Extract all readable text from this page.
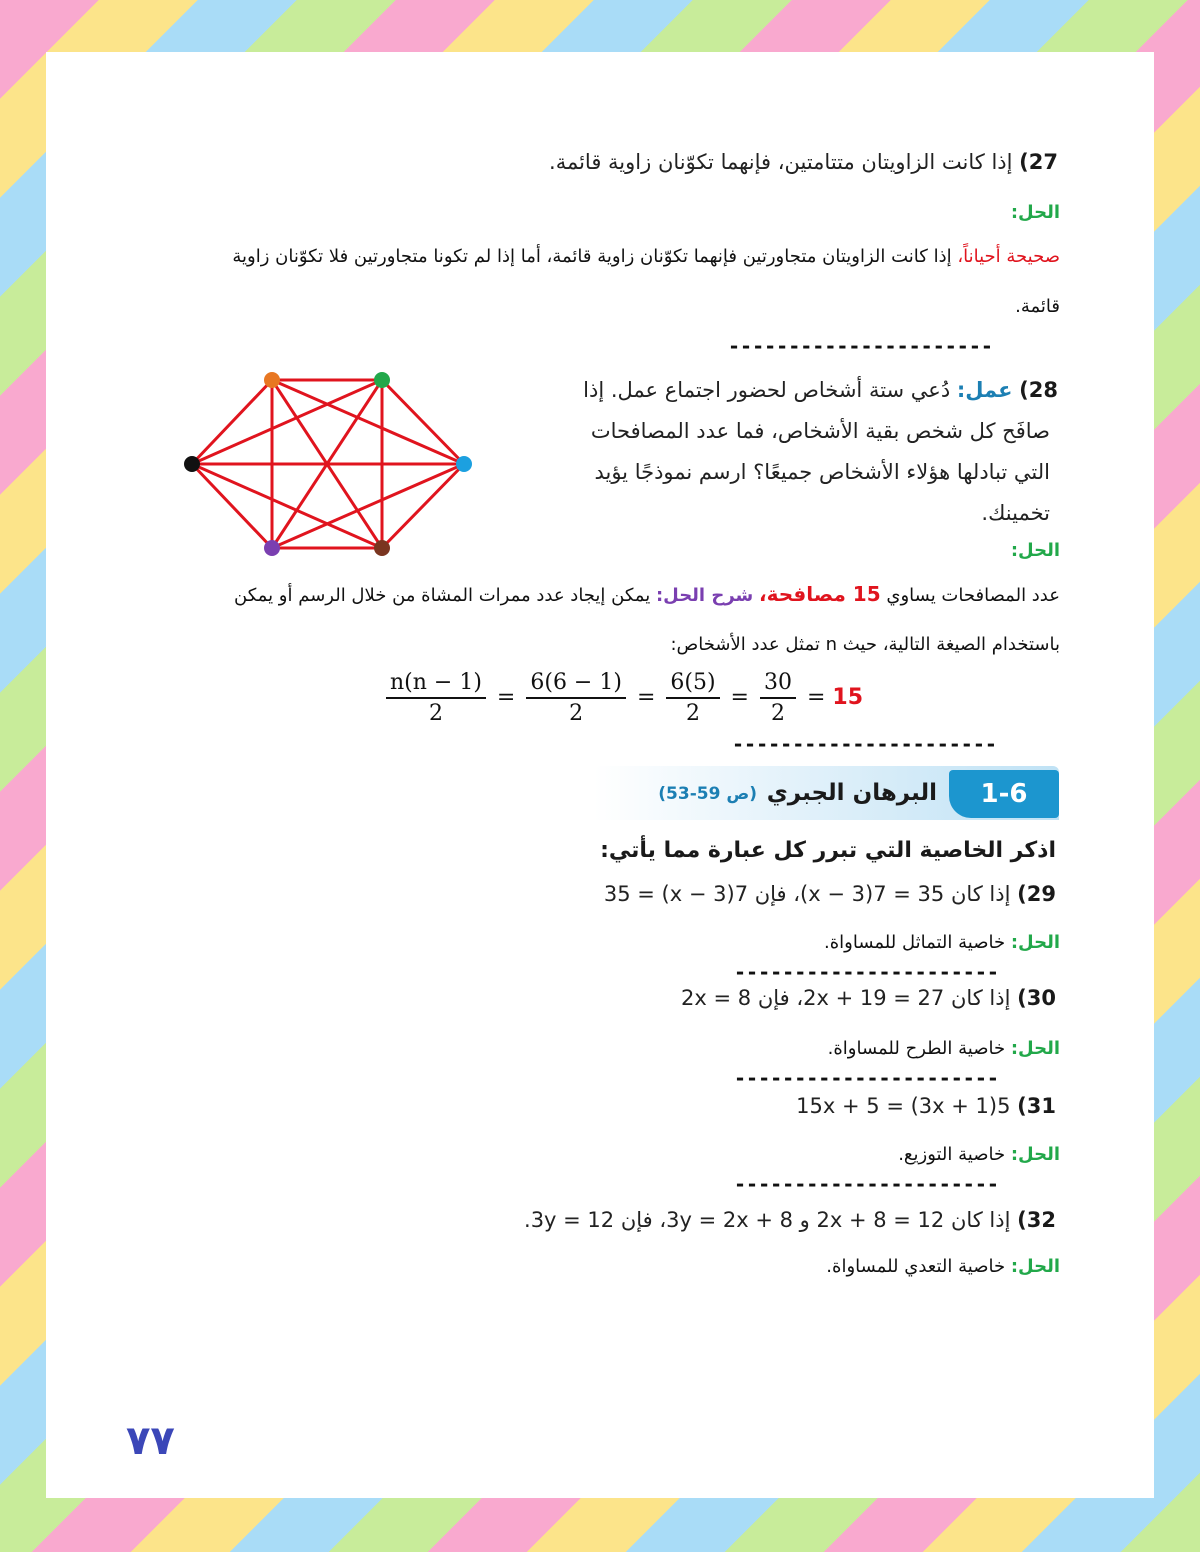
27) إذا كانت الزاويتان متتامتين، فإنهما تكوّنان زاوية قائمة.
الحل:
صحيحة أحياناً، إذا كانت الزاويتان متجاورتين فإنهما تكوّنان زاوية قائمة، أما إذا لم تكونا متجاورتين فلا تكوّنان زاوية
قائمة.
----------------------
28) عمل: دُعي ستة أشخاص لحضور اجتماع عمل. إذا
صافَح كل شخص بقية الأشخاص، فما عدد المصافحات
التي تبادلها هؤلاء الأشخاص جميعًا؟ ارسم نموذجًا يؤيد
تخمينك.
الحل:
عدد المصافحات يساوي 15 مصافحة، شرح الحل: يمكن إيجاد عدد ممرات المشاة من خلال الرسم أو يمكن
باستخدام الصيغة التالية، حيث n تمثل عدد الأشخاص:
$\frac{n(n - 1)}{2} = \frac{6(6 - 1)}{2} = \frac{6(5)}{2} = \frac{30}{2} = 15$
----------------------
1-6
البرهان الجبري
(ص 59-53)
اذكر الخاصية التي تبرر كل عبارة مما يأتي:
29) إذا كان 35 = 7(x − 3)، فإن 7(x − 3) = 35
الحل: خاصية التماثل للمساواة.
----------------------
30) إذا كان 2x + 19 = 27، فإن 2x = 8
الحل: خاصية الطرح للمساواة.
----------------------
31) 5(3x + 1) = 15x + 5
الحل: خاصية التوزيع.
----------------------
32) إذا كان 2x + 8 = 12 و 3y = 2x + 8، فإن 3y = 12.
الحل: خاصية التعدي للمساواة.
٧٧
